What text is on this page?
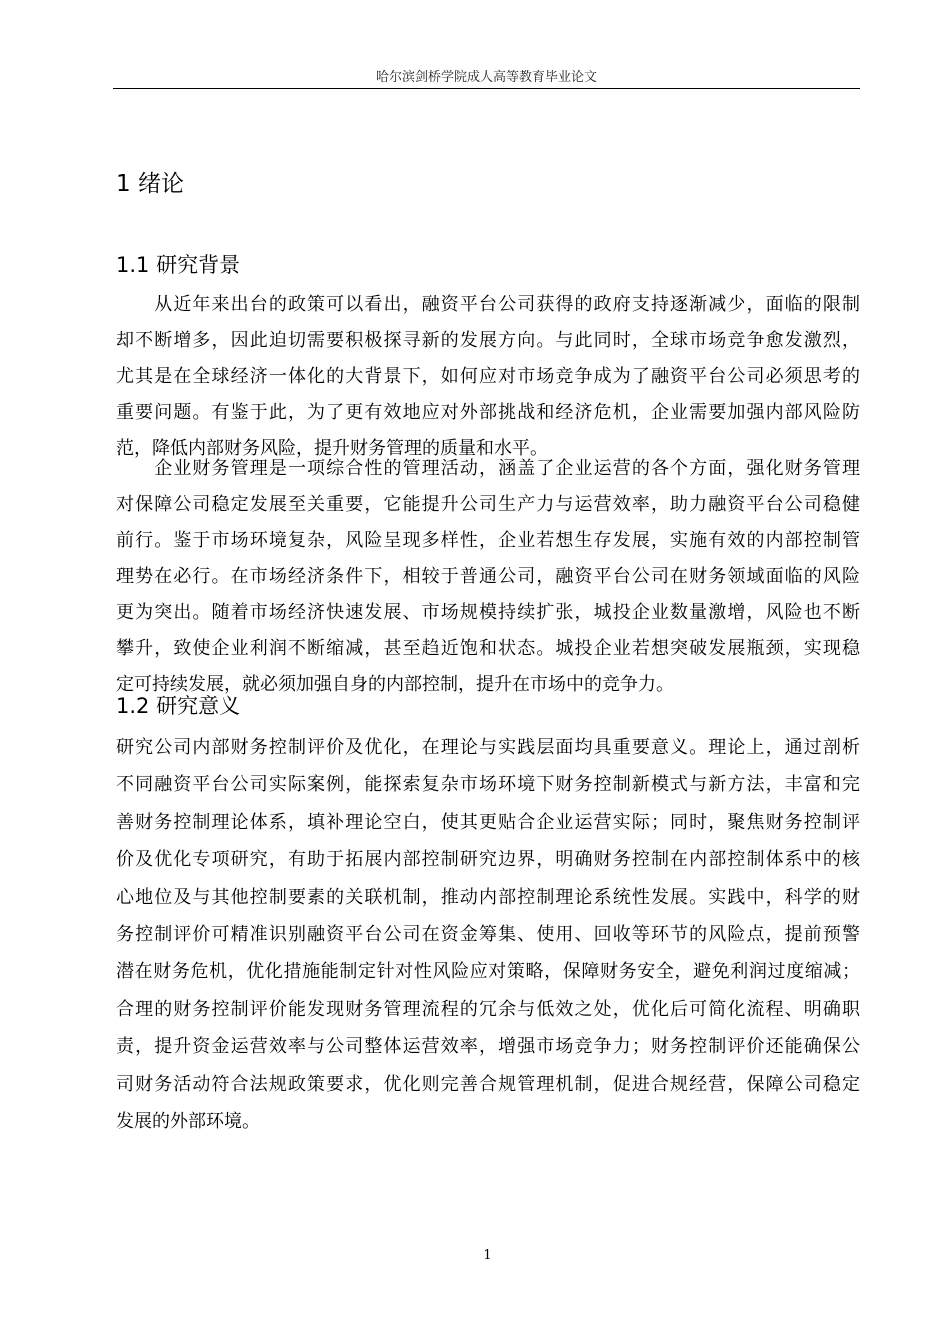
哈尔滨剑桥学院成人高等教育毕业论文
1 绪论
1.1 研究背景
　　从近年来出台的政策可以看出，融资平台公司获得的政府支持逐渐减少，面临的限制
却不断增多，因此迫切需要积极探寻新的发展方向。与此同时，全球市场竞争愈发激烈，
尤其是在全球经济一体化的大背景下，如何应对市场竞争成为了融资平台公司必须思考的
重要问题。有鉴于此，为了更有效地应对外部挑战和经济危机，企业需要加强内部风险防
范，降低内部财务风险，提升财务管理的质量和水平。
　　企业财务管理是一项综合性的管理活动，涵盖了企业运营的各个方面，强化财务管理
对保障公司稳定发展至关重要，它能提升公司生产力与运营效率，助力融资平台公司稳健
前行。鉴于市场环境复杂，风险呈现多样性，企业若想生存发展，实施有效的内部控制管
理势在必行。在市场经济条件下，相较于普通公司，融资平台公司在财务领域面临的风险
更为突出。随着市场经济快速发展、市场规模持续扩张，城投企业数量激增，风险也不断
攀升，致使企业利润不断缩减，甚至趋近饱和状态。城投企业若想突破发展瓶颈，实现稳
定可持续发展，就必须加强自身的内部控制，提升在市场中的竞争力。
1.2 研究意义
研究公司内部财务控制评价及优化，在理论与实践层面均具重要意义。理论上，通过剖析
不同融资平台公司实际案例，能探索复杂市场环境下财务控制新模式与新方法，丰富和完
善财务控制理论体系，填补理论空白，使其更贴合企业运营实际；同时，聚焦财务控制评
价及优化专项研究，有助于拓展内部控制研究边界，明确财务控制在内部控制体系中的核
心地位及与其他控制要素的关联机制，推动内部控制理论系统性发展。实践中，科学的财
务控制评价可精准识别融资平台公司在资金筹集、使用、回收等环节的风险点，提前预警
潜在财务危机，优化措施能制定针对性风险应对策略，保障财务安全，避免利润过度缩减；
合理的财务控制评价能发现财务管理流程的冗余与低效之处，优化后可简化流程、明确职
责，提升资金运营效率与公司整体运营效率，增强市场竞争力；财务控制评价还能确保公
司财务活动符合法规政策要求，优化则完善合规管理机制，促进合规经营，保障公司稳定
发展的外部环境。
1
